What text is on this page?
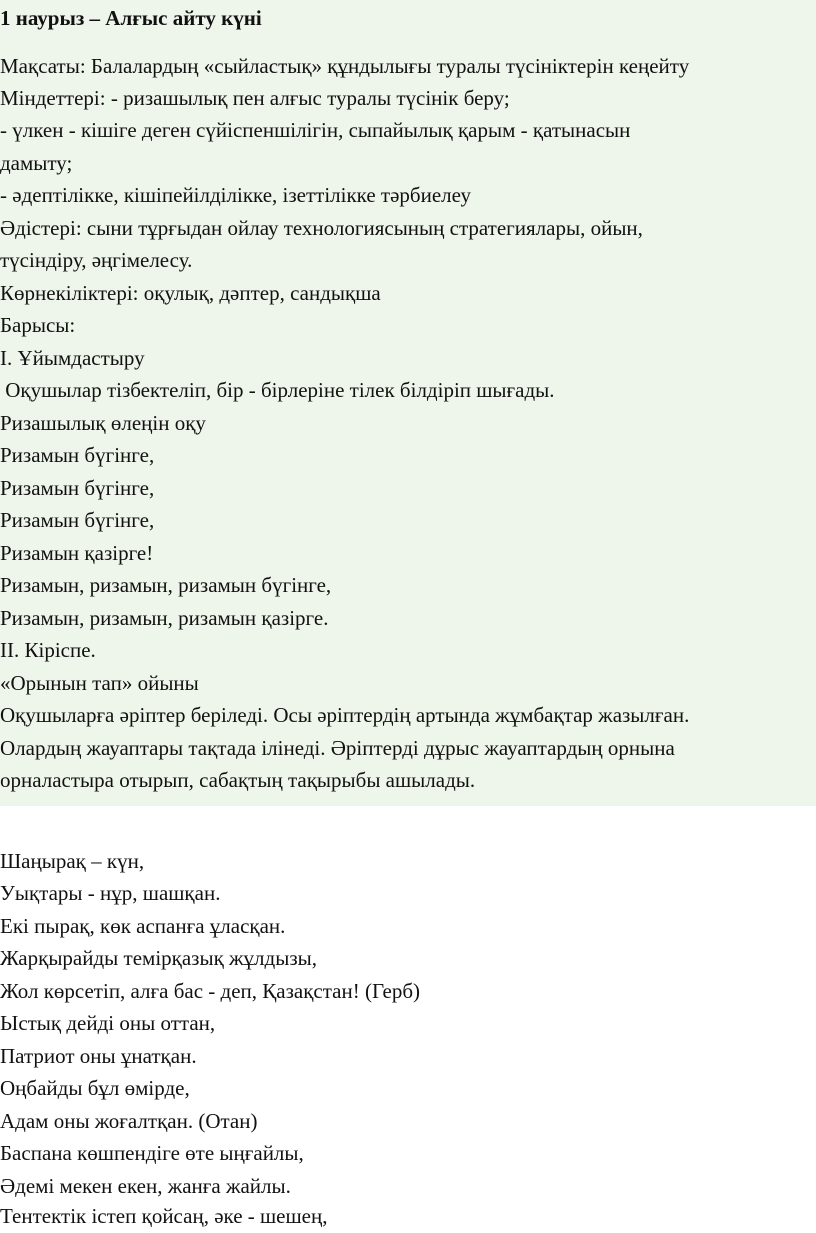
1 наурыз – Алғыс айту күні
Мақсаты: Балалардың «сыйластық» құндылығы туралы түсініктерін кеңейту
Міндеттері: - ризашылық пен алғыс туралы түсінік беру;
- үлкен - кішіге деген сүйіспеншілігін, сыпайылық қарым - қатынасын
дамыту;
- әдептілікке, кішіпейілділікке, ізеттілікке тәрбиелеу
Әдістері: сыни тұрғыдан ойлау технологиясының стратегиялары, ойын,
түсіндіру, әңгімелесу.
Көрнекіліктері: оқулық, дәптер, сандықша
Барысы:
І. Ұйымдастыру
Оқушылар тізбектеліп, бір - бірлеріне тілек білдіріп шығады.
Ризашылық өлеңін оқу
Ризамын бүгінге,
Ризамын бүгінге,
Ризамын бүгінге,
Ризамын қазірге!
Ризамын, ризамын, ризамын бүгінге,
Ризамын, ризамын, ризамын қазірге.
ІІ. Кіріспе.
«Орынын тап» ойыны
Оқушыларға әріптер беріледі. Осы әріптердің артында жұмбақтар жазылған.
Олардың жауаптары тақтада ілінеді. Әріптерді дұрыс жауаптардың орнына
орналастыра отырып, сабақтың тақырыбы ашылады.
Шаңырақ – күн,
Уықтары - нұр, шашқан.
Екі пырақ, көк аспанға ұласқан.
Жарқырайды темірқазық жұлдызы,
Жол көрсетіп, алға бас - деп, Қазақстан! (Герб)
Ыстық дейді оны оттан,
Патриот оны ұнатқан.
Оңбайды бұл өмірде,
Адам оны жоғалтқан. (Отан)
Баспана көшпендіге өте ыңғайлы,
Әдемі мекен екен, жанға жайлы.
Тентектік істеп қойсаң, әке - шешең,
